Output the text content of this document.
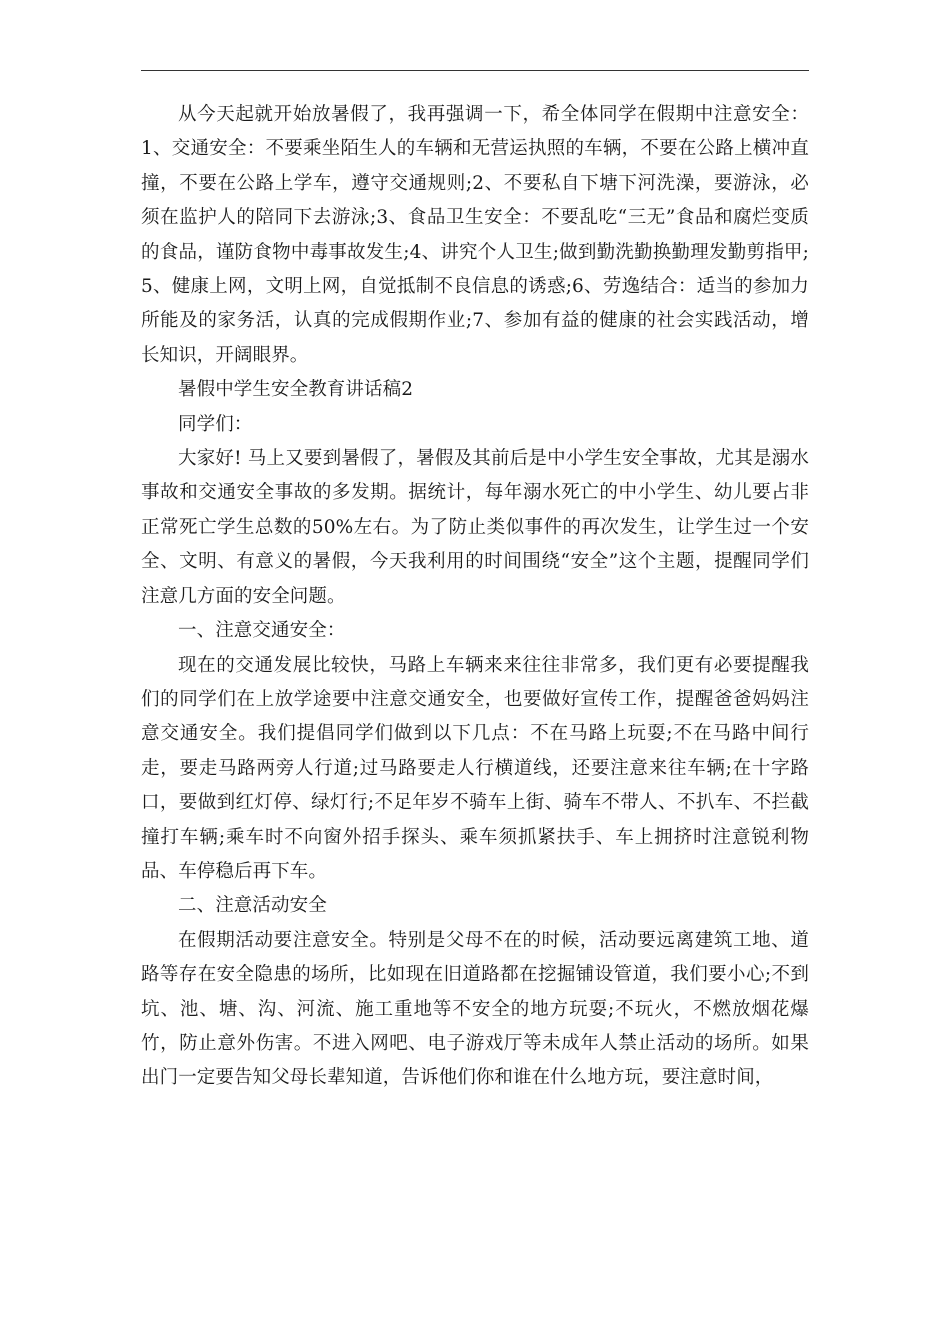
从今天起就开始放暑假了，我再强调一下，希全体同学在假期中注意安全：1、交通安全：不要乘坐陌生人的车辆和无营运执照的车辆，不要在公路上横冲直撞，不要在公路上学车，遵守交通规则;2、不要私自下塘下河洗澡，要游泳，必须在监护人的陪同下去游泳;3、食品卫生安全：不要乱吃“三无”食品和腐烂变质的食品，谨防食物中毒事故发生;4、讲究个人卫生;做到勤洗勤换勤理发勤剪指甲;5、健康上网，文明上网，自觉抵制不良信息的诱惑;6、劳逸结合：适当的参加力所能及的家务活，认真的完成假期作业;7、参加有益的健康的社会实践活动，增长知识，开阔眼界。

暑假中学生安全教育讲话稿2

同学们：

大家好! 马上又要到暑假了，暑假及其前后是中小学生安全事故，尤其是溺水事故和交通安全事故的多发期。据统计，每年溺水死亡的中小学生、幼儿要占非正常死亡学生总数的50%左右。为了防止类似事件的再次发生，让学生过一个安全、文明、有意义的暑假，今天我利用的时间围绕“安全”这个主题，提醒同学们注意几方面的安全问题。

一、注意交通安全：

现在的交通发展比较快，马路上车辆来来往往非常多，我们更有必要提醒我们的同学们在上放学途要中注意交通安全，也要做好宣传工作，提醒爸爸妈妈注意交通安全。我们提倡同学们做到以下几点：不在马路上玩耍;不在马路中间行走，要走马路两旁人行道;过马路要走人行横道线，还要注意来往车辆;在十字路口，要做到红灯停、绿灯行;不足年岁不骑车上街、骑车不带人、不扒车、不拦截撞打车辆;乘车时不向窗外招手探头、乘车须抓紧扶手、车上拥挤时注意锐利物品、车停稳后再下车。

二、注意活动安全

在假期活动要注意安全。特别是父母不在的时候，活动要远离建筑工地、道路等存在安全隐患的场所，比如现在旧道路都在挖掘铺设管道，我们要小心;不到坑、池、塘、沟、河流、施工重地等不安全的地方玩耍;不玩火，不燃放烟花爆竹，防止意外伤害。不进入网吧、电子游戏厅等未成年人禁止活动的场所。如果出门一定要告知父母长辈知道，告诉他们你和谁在什么地方玩，要注意时间，
